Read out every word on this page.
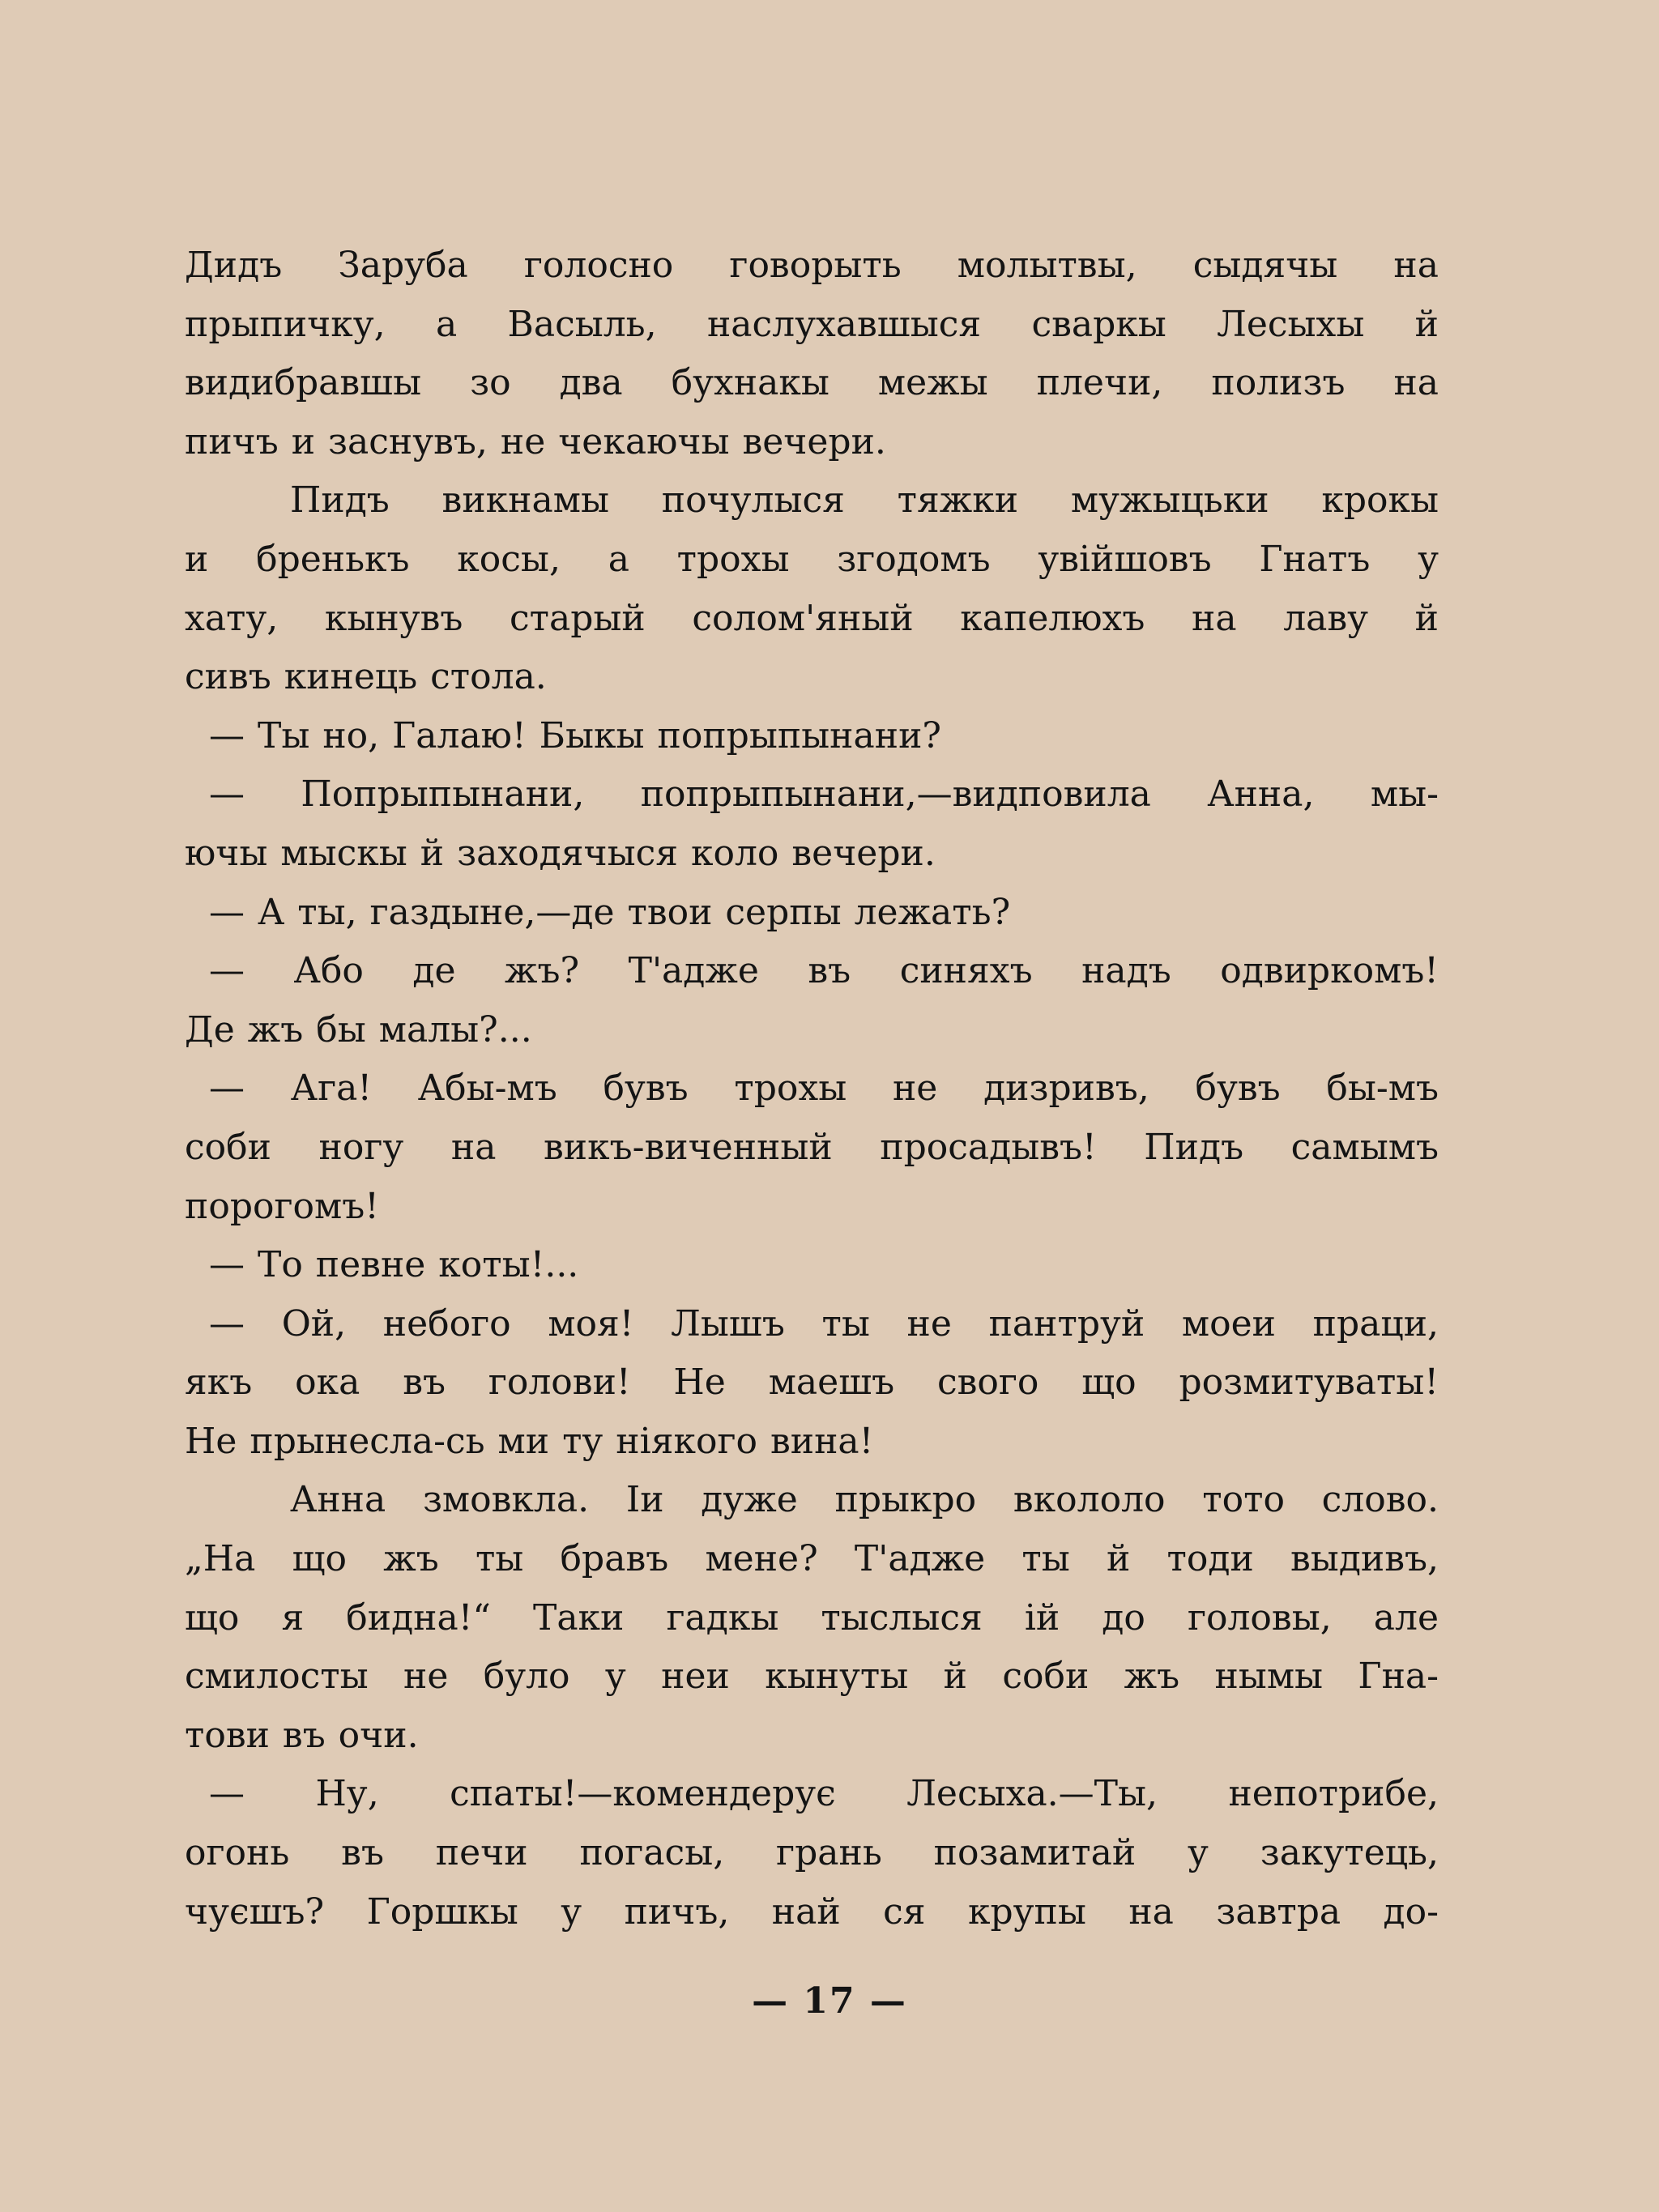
Дидъ Заруба голосно говорыть молытвы, сыдячы на
прыпичку, а Васыль, наслухавшыся сваркы Лесыхы й
видибравшы зо два бухнакы межы плечи, полизъ на
пичъ и заснувъ, не чекаючы вечери.
Пидъ викнамы почулыся тяжки мужыцьки крокы
и бренькъ косы, а трохы згодомъ увійшовъ Гнатъ у
хату, кынувъ старый солом'яный капелюхъ на лаву й
сивъ кинець стола.
— Ты но, Галаю! Быкы попрыпынани?
— Попрыпынани, попрыпынани,—видповила Анна, мы-
ючы мыскы й заходячыся коло вечери.
— А ты, газдыне,—де твои серпы лежать?
— Або де жъ? Т'адже въ синяхъ надъ одвиркомъ!
Де жъ бы малы?...
— Ага! Абы-мъ бувъ трохы не дизривъ, бувъ бы-мъ
соби ногу на викъ-виченный просадывъ! Пидъ самымъ
порогомъ!
— То певне коты!...
— Ой, небого моя! Лышъ ты не пантруй моеи праци,
якъ ока въ голови! Не маешъ свого що розмитуваты!
Не прынесла-сь ми ту ніякого вина!
Анна змовкла. Іи дуже прыкро вкололо тото слово.
„На що жъ ты бравъ мене? Т'адже ты й тоди выдивъ,
що я бидна!“ Таки гадкы тыслыся ій до головы, але
смилосты не було у неи кынуты й соби жъ нымы Гна-
тови въ очи.
— Ну, спаты!—комендерує Лесыха.—Ты, непотрибе,
огонь въ печи погасы, грань позамитай у закутець,
чуєшъ? Горшкы у пичъ, най ся крупы на завтра до-
— 17 —
